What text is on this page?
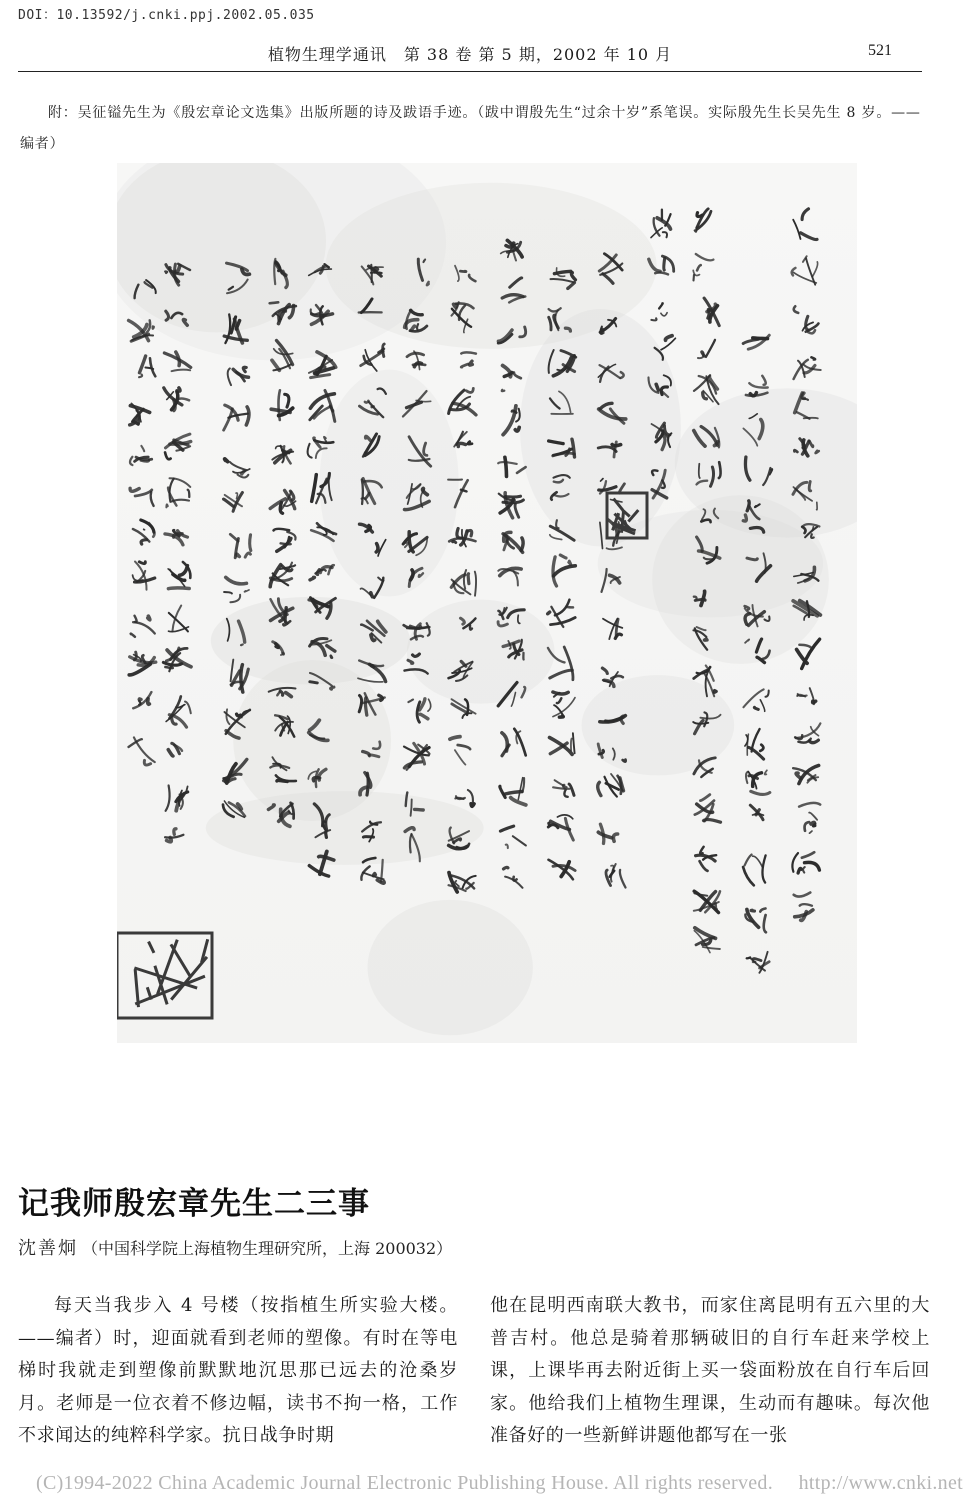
DOI：10.13592/j.cnki.ppj.2002.05.035
植物生理学通讯　第 38 卷 第 5 期，2002 年 10 月	521
附：吴征镒先生为《殷宏章论文选集》出版所题的诗及跋语手迹。（跋中谓殷先生“过余十岁”系笔误。实际殷先生长吴先生 8 岁。——编者）
记我师殷宏章先生二三事
沈善炯 （中国科学院上海植物生理研究所，上海 200032）
每天当我步入 4 号楼（按指植生所实验大楼。——编者）时，迎面就看到老师的塑像。有时在等电梯时我就走到塑像前默默地沉思那已远去的沧桑岁月。老师是一位衣着不修边幅，读书不拘一格，工作不求闻达的纯粹科学家。抗日战争时期
他在昆明西南联大教书，而家住离昆明有五六里的大普吉村。他总是骑着那辆破旧的自行车赶来学校上课，上课毕再去附近街上买一袋面粉放在自行车后回家。他给我们上植物生理课，生动而有趣味。每次他准备好的一些新鲜讲题他都写在一张
(C)1994-2022 China Academic Journal Electronic Publishing House. All rights reserved.　 http://www.cnki.net
